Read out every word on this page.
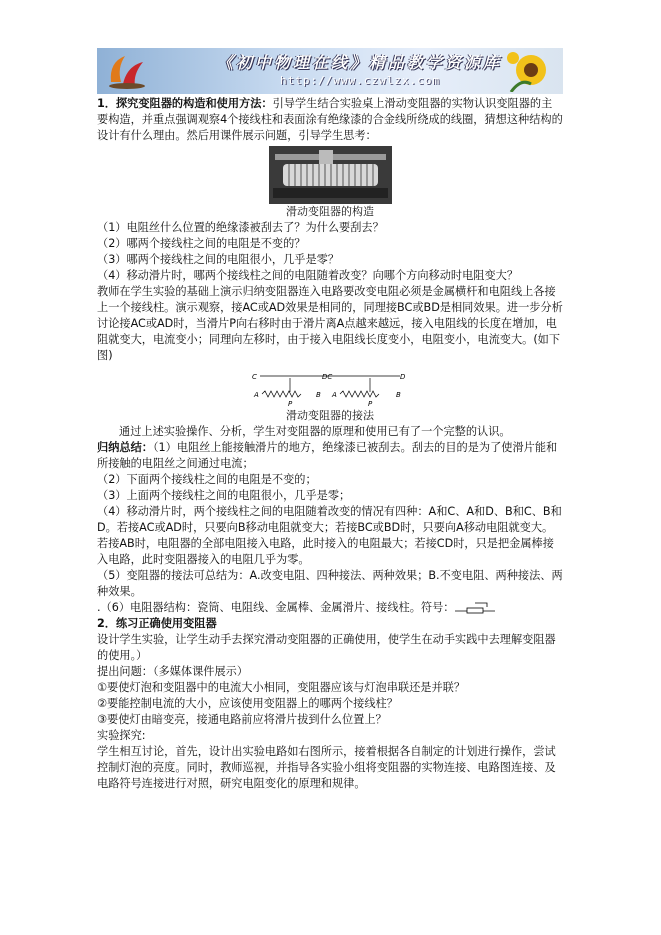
《初中物理在线》精品教学资源库
http://www.czwlzx.com

1．探究变阻器的构造和使用方法：引导学生结合实验桌上滑动变阻器的实物认识变阻器的主要构造，并重点强调观察4个接线柱和表面涂有绝缘漆的合金线所绕成的线圈，猜想这种结构的设计有什么理由。然后用课件展示问题，引导学生思考：

滑动变阻器的构造
（1）电阻丝什么位置的绝缘漆被刮去了？为什么要刮去？
（2）哪两个接线柱之间的电阻是不变的？
（3）哪两个接线柱之间的电阻很小，几乎是零？
（4）移动滑片时，哪两个接线柱之间的电阻随着改变？向哪个方向移动时电阻变大？

教师在学生实验的基础上演示归纳变阻器连入电路要改变电阻必须是金属横杆和电阻线上各接上一个接线柱。演示观察，接AC或AD效果是相同的，同理接BC或BD是相同效果。进一步分析讨论接AC或AD时，当滑片P向右移时由于滑片离A点越来越远，接入电阻线的长度在增加，电阻就变大，电流变小；同理向左移时，由于接入电阻线长度变小，电阻变小，电流变大。(如下图)

C	DC	D
A	B A	B
P	P
滑动变阻器的接法

通过上述实验操作、分析，学生对变阻器的原理和使用已有了一个完整的认识。

归纳总结：（1）电阻丝上能接触滑片的地方，绝缘漆已被刮去。刮去的目的是为了使滑片能和所接触的电阻丝之间通过电流；

（2）下面两个接线柱之间的电阻是不变的；
（3）上面两个接线柱之间的电阻很小，几乎是零；
（4）移动滑片时，两个接线柱之间的电阻随着改变的情况有四种：A和C、A和D、B和C、B和D。若接AC或AD时，只要向B移动电阻就变大；若接BC或BD时，只要向A移动电阻就变大。若接AB时，电阻器的全部电阻接入电路，此时接入的电阻最大；若接CD时，只是把金属棒接入电路，此时变阻器接入的电阻几乎为零。
（5）变阻器的接法可总结为：A.改变电阻、四种接法、两种效果；B.不变电阻、两种接法、两种效果。
.（6）电阻器结构：瓷筒、电阻线、金属棒、金属滑片、接线柱。符号：

2．练习正确使用变阻器

设计学生实验，让学生动手去探究滑动变阻器的正确使用，使学生在动手实践中去理解变阻器的使用。）

提出问题：（多媒体课件展示）

①要使灯泡和变阻器中的电流大小相同，变阻器应该与灯泡串联还是并联？
②要能控制电流的大小，应该使用变阻器上的哪两个接线柱？
③要使灯由暗变亮，接通电路前应将滑片拔到什么位置上？

实验探究:

学生相互讨论，首先，设计出实验电路如右图所示，接着根据各自制定的计划进行操作，尝试控制灯泡的亮度。同时，教师巡视，并指导各实验小组将变阻器的实物连接、电路图连接、及电路符号连接进行对照，研究电阻变化的原理和规律。
